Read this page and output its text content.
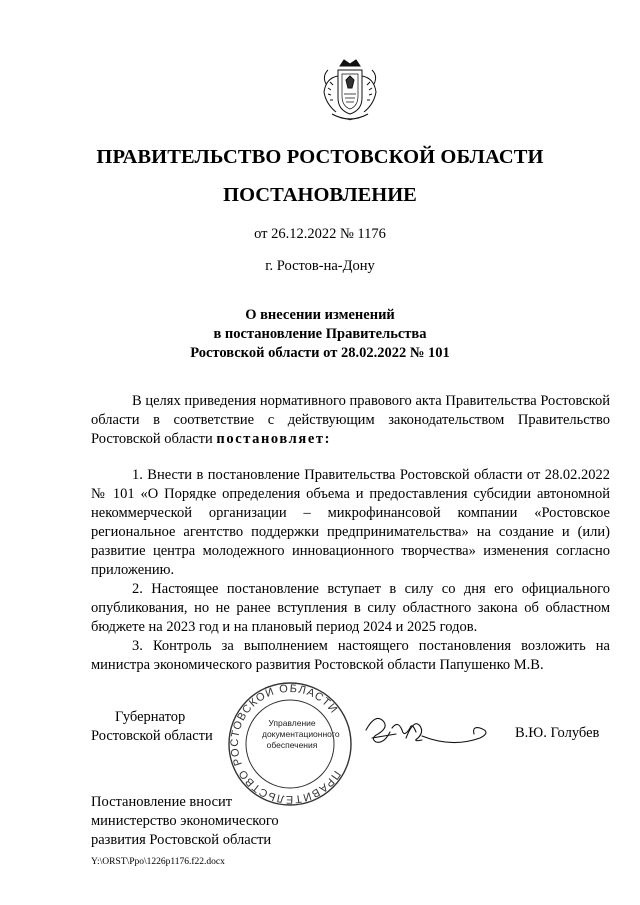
ПРАВИТЕЛЬСТВО РОСТОВСКОЙ ОБЛАСТИ
ПОСТАНОВЛЕНИЕ
от 26.12.2022 № 1176
г. Ростов-на-Дону
О внесении изменений
в постановление Правительства
Ростовской области от 28.02.2022 № 101

В целях приведения нормативного правового акта Правительства Ростовской области в соответствие с действующим законодательством Правительство Ростовской области постановляет:

1. Внести в постановление Правительства Ростовской области от 28.02.2022 № 101 «О Порядке определения объема и предоставления субсидии автономной некоммерческой организации – микрофинансовой компании «Ростовское региональное агентство поддержки предпринимательства» на создание и (или) развитие центра молодежного инновационного творчества» изменения согласно приложению.

2. Настоящее постановление вступает в силу со дня его официального опубликования, но не ранее вступления в силу областного закона об областном бюджете на 2023 год и на плановый период 2024 и 2025 годов.

3. Контроль за выполнением настоящего постановления возложить на министра экономического развития Ростовской области Папушенко М.В.

Губернатор
Ростовской области
ПРАВИТЕЛЬСТВО РОСТОВСКОЙ ОБЛАСТИ
Управление
документационного
обеспечения
В.Ю. Голубев
Постановление вносит
министерство экономического
развития Ростовской области
Y:\ORST\Ppo\1226p1176.f22.docx
